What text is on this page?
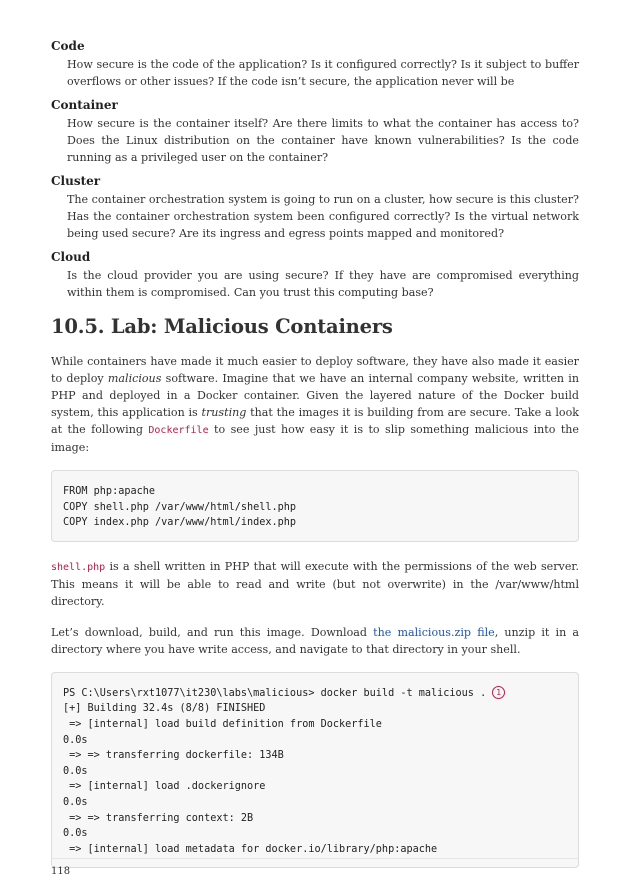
Code

How secure is the code of the application? Is it configured correctly? Is it subject to buffer overflows or other issues? If the code isn’t secure, the application never will be

Container

How secure is the container itself? Are there limits to what the container has access to? Does the Linux distribution on the container have known vulnerabilities? Is the code running as a privileged user on the container?

Cluster

The container orchestration system is going to run on a cluster, how secure is this cluster? Has the container orchestration system been configured correctly? Is the virtual network being used secure? Are its ingress and egress points mapped and monitored?

Cloud

Is the cloud provider you are using secure? If they have are compromised everything within them is compromised. Can you trust this computing base?

10.5. Lab: Malicious Containers

While containers have made it much easier to deploy software, they have also made it easier to deploy malicious software. Imagine that we have an internal company website, written in PHP and deployed in a Docker container. Given the layered nature of the Docker build system, this application is trusting that the images it is building from are secure. Take a look at the following Dockerfile to see just how easy it is to slip something malicious into the image:

FROM php:apache
COPY shell.php /var/www/html/shell.php
COPY index.php /var/www/html/index.php

shell.php is a shell written in PHP that will execute with the permissions of the web server. This means it will be able to read and write (but not overwrite) in the /var/www/html directory.

Let’s download, build, and run this image. Download the malicious.zip file, unzip it in a directory where you have write access, and navigate to that directory in your shell.

PS C:\Users\rxt1077\it230\labs\malicious> docker build -t malicious . 1
[+] Building 32.4s (8/8) FINISHED
=> [internal] load build definition from Dockerfile
0.0s
=> => transferring dockerfile: 134B
0.0s
=> [internal] load .dockerignore
0.0s
=> => transferring context: 2B
0.0s
=> [internal] load metadata for docker.io/library/php:apache
118
